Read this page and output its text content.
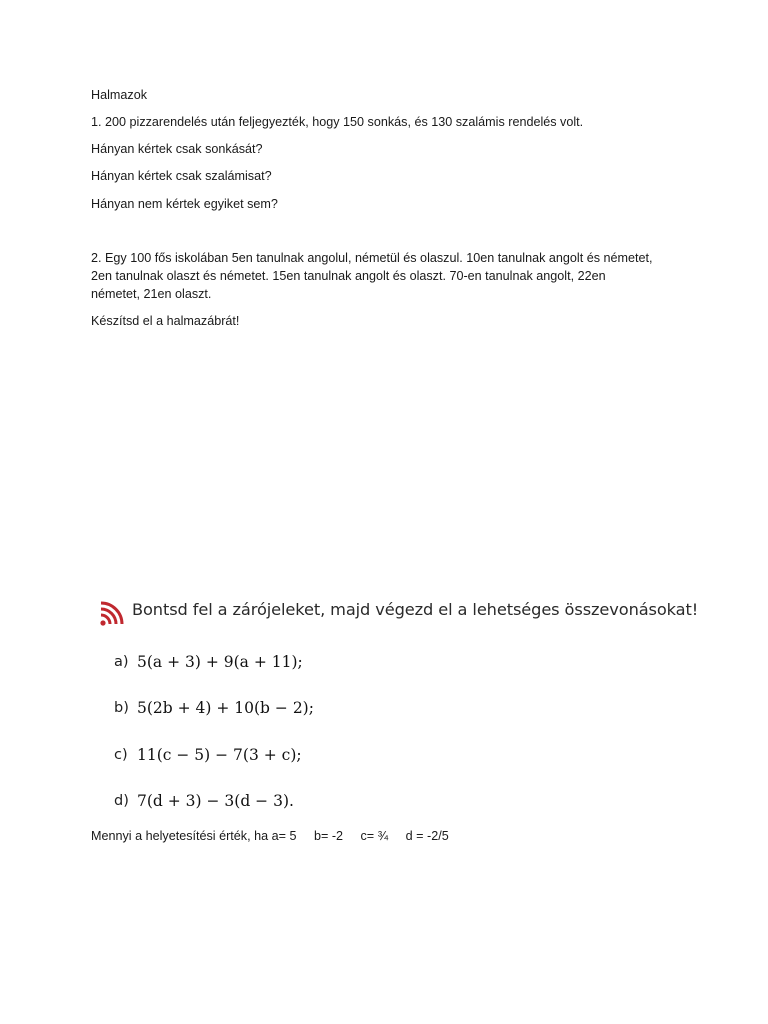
Halmazok
1. 200 pizzarendelés után feljegyezték, hogy 150 sonkás, és 130 szalámis rendelés volt.
Hányan kértek csak sonkását?
Hányan kértek csak szalámisat?
Hányan nem kértek egyiket sem?
2. Egy 100 fős iskolában 5en tanulnak angolul, németül és olaszul. 10en tanulnak angolt és németet,
2en tanulnak olaszt és németet. 15en tanulnak angolt és olaszt. 70-en tanulnak angolt, 22en
németet, 21en olaszt.
Készítsd el a halmazábrát!
Bontsd fel a zárójeleket, majd végezd el a lehetséges összevonásokat!
a) 5(a + 3) + 9(a + 11);
b) 5(2b + 4) + 10(b − 2);
c) 11(c − 5) − 7(3 + c);
d) 7(d + 3) − 3(d − 3).
Mennyi a helyetesítési érték, ha a= 5     b= -2     c= ¾     d = -2/5
